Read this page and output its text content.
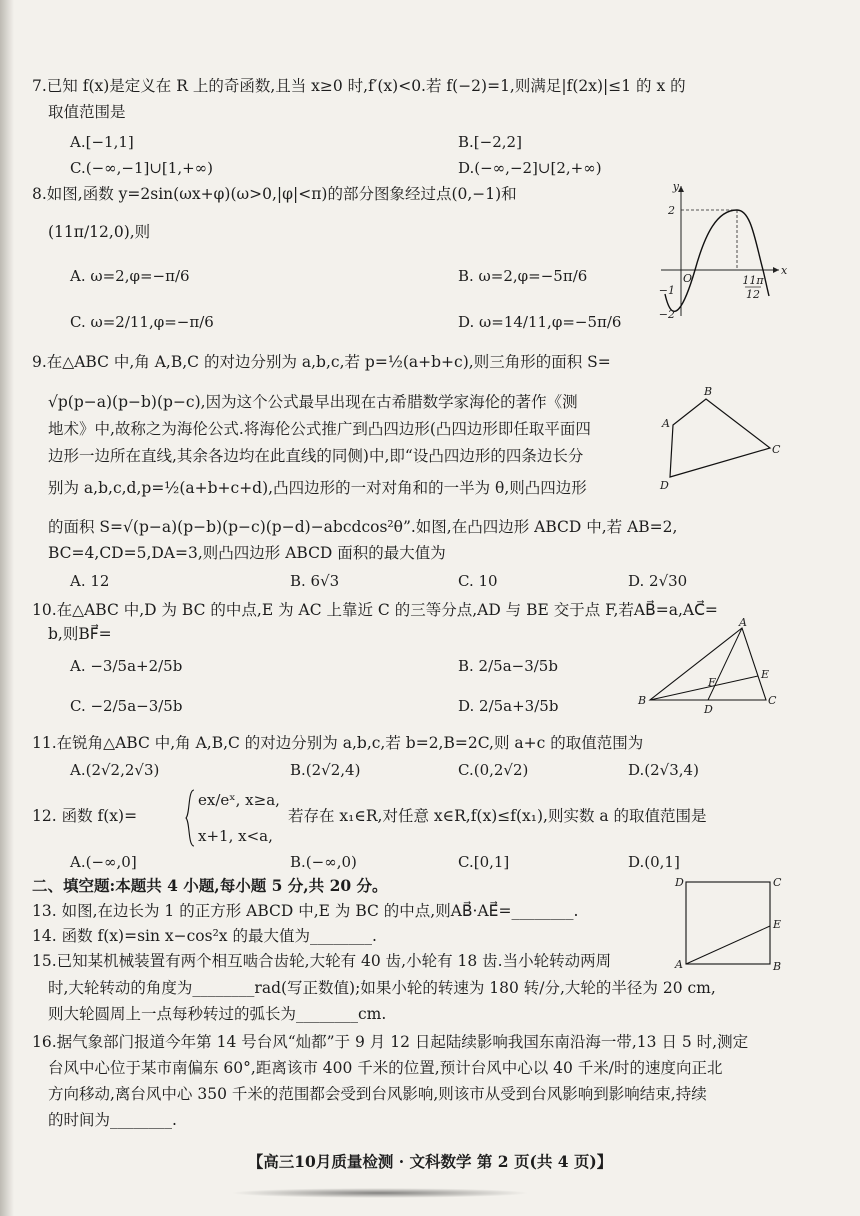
7.已知 f(x)是定义在 R 上的奇函数,且当 x≥0 时,f′(x)<0.若 f(−2)=1,则满足|f(2x)|≤1 的 x 的
取值范围是
A.[−1,1]	B.[−2,2]
C.(−∞,−1]∪[1,+∞)	D.(−∞,−2]∪[2,+∞)
8.如图,函数 y=2sin(ωx+φ)(ω>0,|φ|<π)的部分图象经过点(0,−1)和
(11π/12,0),则
A. ω=2,φ=−π/6	B. ω=2,φ=−5π/6
C. ω=2/11,φ=−π/6	D. ω=14/11,φ=−5π/6
y
x
O
2
−1
−2
11π
12
9.在△ABC 中,角 A,B,C 的对边分别为 a,b,c,若 p=½(a+b+c),则三角形的面积 S=
√p(p−a)(p−b)(p−c),因为这个公式最早出现在古希腊数学家海伦的著作《测
地术》中,故称之为海伦公式.将海伦公式推广到凸四边形(凸四边形即任取平面四
边形一边所在直线,其余各边均在此直线的同侧)中,即“设凸四边形的四条边长分
别为 a,b,c,d,p=½(a+b+c+d),凸四边形的一对对角和的一半为 θ,则凸四边形
的面积 S=√(p−a)(p−b)(p−c)(p−d)−abcdcos²θ”.如图,在凸四边形 ABCD 中,若 AB=2,
BC=4,CD=5,DA=3,则凸四边形 ABCD 面积的最大值为
A. 12	B. 6√3	C. 10	D. 2√30
A
B
C
D
10.在△ABC 中,D 为 BC 的中点,E 为 AC 上靠近 C 的三等分点,AD 与 BE 交于点 F,若AB⃗=a,AC⃗=
b,则BF⃗=
A. −3/5a+2/5b	B. 2/5a−3/5b
C. −2/5a−3/5b	D. 2/5a+3/5b
A
B	C
D
E
F
11.在锐角△ABC 中,角 A,B,C 的对边分别为 a,b,c,若 b=2,B=2C,则 a+c 的取值范围为
A.(2√2,2√3)	B.(2√2,4)	C.(0,2√2)	D.(2√3,4)
12. 函数 f(x)=
ex/eˣ, x≥a,
x+1, x<a,
若存在 x₁∈R,对任意 x∈R,f(x)≤f(x₁),则实数 a 的取值范围是
A.(−∞,0]	B.(−∞,0)	C.[0,1]	D.(0,1]
二、填空题:本题共 4 小题,每小题 5 分,共 20 分。
13. 如图,在边长为 1 的正方形 ABCD 中,E 为 BC 的中点,则AB⃗·AE⃗=________.
14. 函数 f(x)=sin x−cos²x 的最大值为________.
D	C
E
A	B
15.已知某机械装置有两个相互啮合齿轮,大轮有 40 齿,小轮有 18 齿.当小轮转动两周
时,大轮转动的角度为________rad(写正数值);如果小轮的转速为 180 转/分,大轮的半径为 20 cm,
则大轮圆周上一点每秒转过的弧长为________cm.
16.据气象部门报道今年第 14 号台风“灿都”于 9 月 12 日起陆续影响我国东南沿海一带,13 日 5 时,测定
台风中心位于某市南偏东 60°,距离该市 400 千米的位置,预计台风中心以 40 千米/时的速度向正北
方向移动,离台风中心 350 千米的范围都会受到台风影响,则该市从受到台风影响到影响结束,持续
的时间为________.
【高三10月质量检测 · 文科数学 第 2 页(共 4 页)】
